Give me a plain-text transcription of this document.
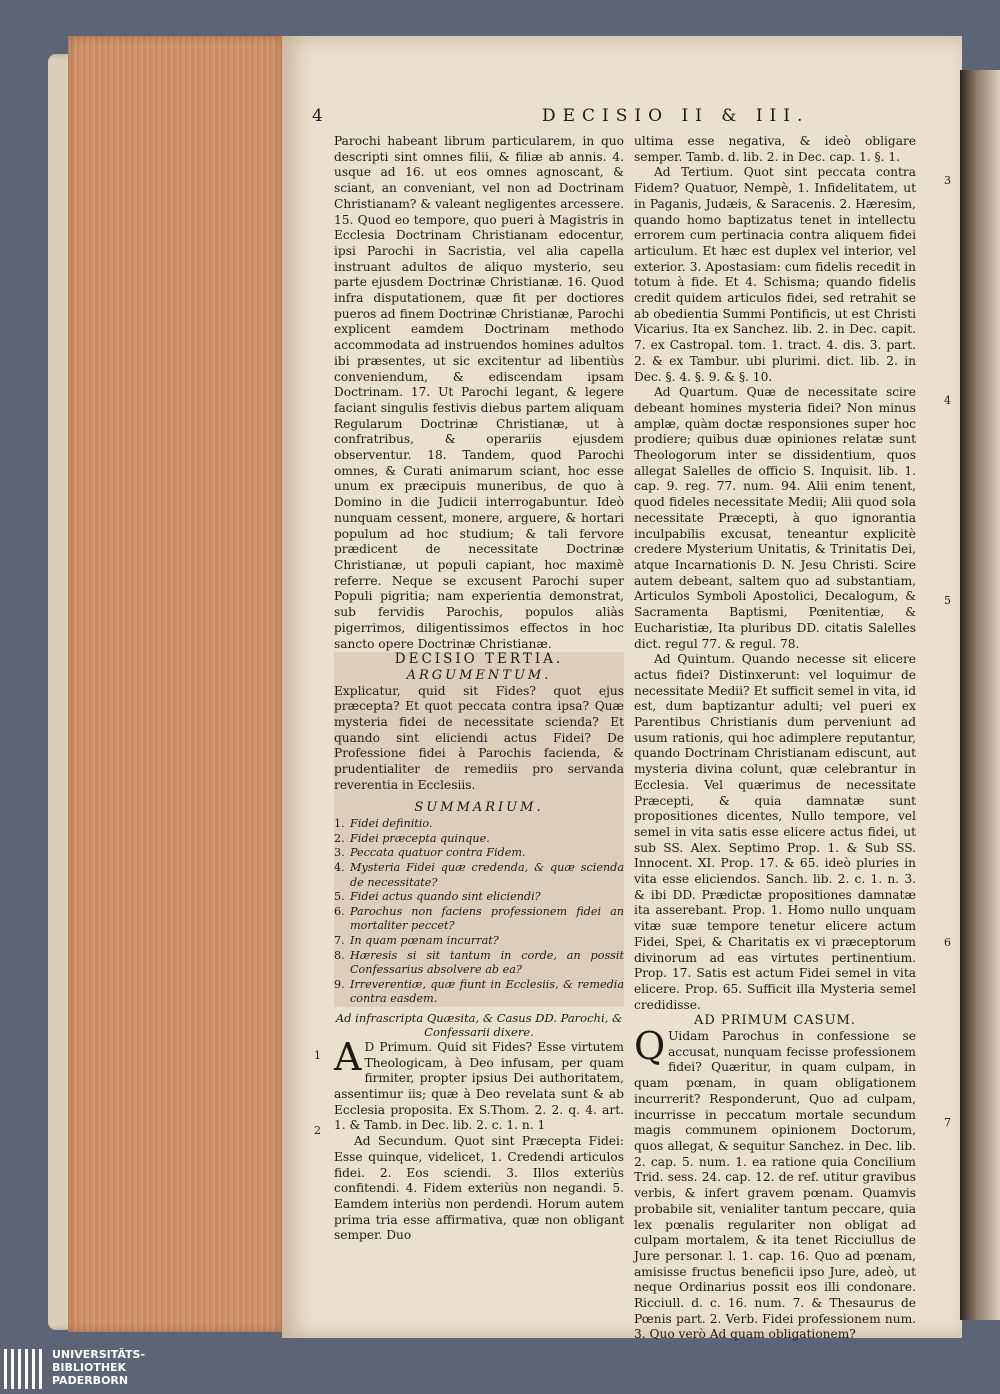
4	DECISIO II & III.

Parochi habeant librum particularem, in quo descripti sint omnes filii, & filiæ ab annis. 4. usque ad 16. ut eos omnes agnoscant, & sciant, an conveniant, vel non ad Doctrinam Christianam? & valeant negligentes arcessere. 15. Quod eo tempore, quo pueri à Magistris in Ecclesia Doctrinam Christianam edocentur, ipsi Parochi in Sacristia, vel alia capella instruant adultos de aliquo mysterio, seu parte ejusdem Doctrinæ Christianæ. 16. Quod infra disputationem, quæ fit per doctiores pueros ad finem Doctrinæ Christianæ, Parochi explicent eamdem Doctrinam methodo accommodata ad instruendos homines adultos ibi præsentes, ut sic excitentur ad libentiùs conveniendum, & ediscendam ipsam Doctrinam. 17. Ut Parochi legant, & legere faciant singulis festivis diebus partem aliquam Regularum Doctrinæ Christianæ, ut à confratribus, & operariis ejusdem observentur. 18. Tandem, quod Parochi omnes, & Curati animarum sciant, hoc esse unum ex præcipuis muneribus, de quo à Domino in die Judicii interrogabuntur. Ideò nunquam cessent, monere, arguere, & hortari populum ad hoc studium; & tali fervore prædicent de necessitate Doctrinæ Christianæ, ut populi capiant, hoc maximè referre. Neque se excusent Parochi super Populi pigritia; nam experientia demonstrat, sub fervidis Parochis, populos aliàs pigerrimos, diligentissimos effectos in hoc sancto opere Doctrinæ Christianæ.

DECISIO TERTIA.

ARGUMENTUM.

Explicatur, quid sit Fides? quot ejus præcepta? Et quot peccata contra ipsa? Quæ mysteria fidei de necessitate scienda? Et quando sint eliciendi actus Fidei? De Professione fidei à Parochis facienda, & prudentialiter de remediis pro servanda reverentia in Ecclesiis.

SUMMARIUM.

1. Fidei definitio.
2. Fidei præcepta quinque.
3. Peccata quatuor contra Fidem.
4. Mysteria Fidei quæ credenda, & quæ scienda de necessitate?
5. Fidei actus quando sint eliciendi?
6. Parochus non faciens professionem fidei an mortaliter peccet?
7. In quam pœnam incurrat?
8. Hæresis si sit tantum in corde, an possit Confessarius absolvere ab ea?
9. Irreverentiæ, quæ fiunt in Ecclesiis, & remedia contra easdem.

Ad infrascripta Quæsita, & Casus DD. Parochi, & Confessarii dixere.

A D Primum. Quid sit Fides? Esse virtutem Theologicam, à Deo infusam, per quam firmiter, propter ipsius Dei authoritatem, assentimur iis; quæ à Deo revelata sunt & ab Ecclesia proposita. Ex S.Thom. 2. 2. q. 4. art. 1. & Tamb. in Dec. lib. 2. c. 1. n. 1

Ad Secundum. Quot sint Præcepta Fidei: Esse quinque, videlicet, 1. Credendi articulos fidei. 2. Eos sciendi. 3. Illos exteriùs confitendi. 4. Fidem exteriùs non negandi. 5. Eamdem interiùs non perdendi. Horum autem prima tria esse affirmativa, quæ non obligant semper. Duo

ultima esse negativa, & ideò obligare semper. Tamb. d. lib. 2. in Dec. cap. 1. §. 1.

Ad Tertium. Quot sint peccata contra Fidem? Quatuor, Nempè, 1. Infidelitatem, ut in Paganis, Judæis, & Saracenis. 2. Hæresim, quando homo baptizatus tenet in intellectu errorem cum pertinacia contra aliquem fidei articulum. Et hæc est duplex vel interior, vel exterior. 3. Apostasiam: cum fidelis recedit in totum à fide. Et 4. Schisma; quando fidelis credit quidem articulos fidei, sed retrahit se ab obedientia Summi Pontificis, ut est Christi Vicarius. Ita ex Sanchez. lib. 2. in Dec. capit. 7. ex Castropal. tom. 1. tract. 4. dis. 3. part. 2. & ex Tambur. ubi plurimi. dict. lib. 2. in Dec. §. 4. §. 9. & §. 10.

Ad Quartum. Quæ de necessitate scire debeant homines mysteria fidei? Non minus amplæ, quàm doctæ responsiones super hoc prodiere; quibus duæ opiniones relatæ sunt Theologorum inter se dissidentium, quos allegat Salelles de officio S. Inquisit. lib. 1. cap. 9. reg. 77. num. 94. Alii enim tenent, quod fideles necessitate Medii; Alii quod sola necessitate Præcepti, à quo ignorantia inculpabilis excusat, teneantur explicitè credere Mysterium Unitatis, & Trinitatis Dei, atque Incarnationis D. N. Jesu Christi. Scire autem debeant, saltem quo ad substantiam, Articulos Symboli Apostolici, Decalogum, & Sacramenta Baptismi, Pœnitentiæ, & Eucharistiæ, Ita pluribus DD. citatis Salelles dict. regul 77. & regul. 78.

Ad Quintum. Quando necesse sit elicere actus fidei? Distinxerunt: vel loquimur de necessitate Medii? Et sufficit semel in vita, id est, dum baptizantur adulti; vel pueri ex Parentibus Christianis dum perveniunt ad usum rationis, qui hoc adimplere reputantur, quando Doctrinam Christianam ediscunt, aut mysteria divina colunt, quæ celebrantur in Ecclesia. Vel quærimus de necessitate Præcepti, & quia damnatæ sunt propositiones dicentes, Nullo tempore, vel semel in vita satis esse elicere actus fidei, ut sub SS. Alex. Septimo Prop. 1. & Sub SS. Innocent. XI. Prop. 17. & 65. ideò pluries in vita esse eliciendos. Sanch. lib. 2. c. 1. n. 3. & ibi DD. Prædictæ propositiones damnatæ ita asserebant. Prop. 1. Homo nullo unquam vitæ suæ tempore tenetur elicere actum Fidei, Spei, & Charitatis ex vi præceptorum divinorum ad eas virtutes pertinentium. Prop. 17. Satis est actum Fidei semel in vita elicere. Prop. 65. Sufficit illa Mysteria semel credidisse.

AD PRIMUM CASUM.

Q Uidam Parochus in confessione se accusat, nunquam fecisse professionem fidei? Quæritur, in quam culpam, in quam pœnam, in quam obligationem incurrerit? Responderunt, Quo ad culpam, incurrisse in peccatum mortale secundum magis communem opinionem Doctorum, quos allegat, & sequitur Sanchez. in Dec. lib. 2. cap. 5. num. 1. ea ratione quia Concilium Trid. sess. 24. cap. 12. de ref. utitur gravibus verbis, & infert gravem pœnam. Quamvis probabile sit, venialiter tantum peccare, quia lex pœnalis regulariter non obligat ad culpam mortalem, & ita tenet Ricciullus de Jure personar. l. 1. cap. 16. Quo ad pœnam, amisisse fructus beneficii ipso Jure, adeò, ut neque Ordinarius possit eos illi condonare. Ricciull. d. c. 16. num. 7. & Thesaurus de Pœnis part. 2. Verb. Fidei professionem num. 3. Quo verò Ad quam obligationem?

1
2
3
4
5
6
7
UNIVERSITÄTS-
BIBLIOTHEK
PADERBORN
